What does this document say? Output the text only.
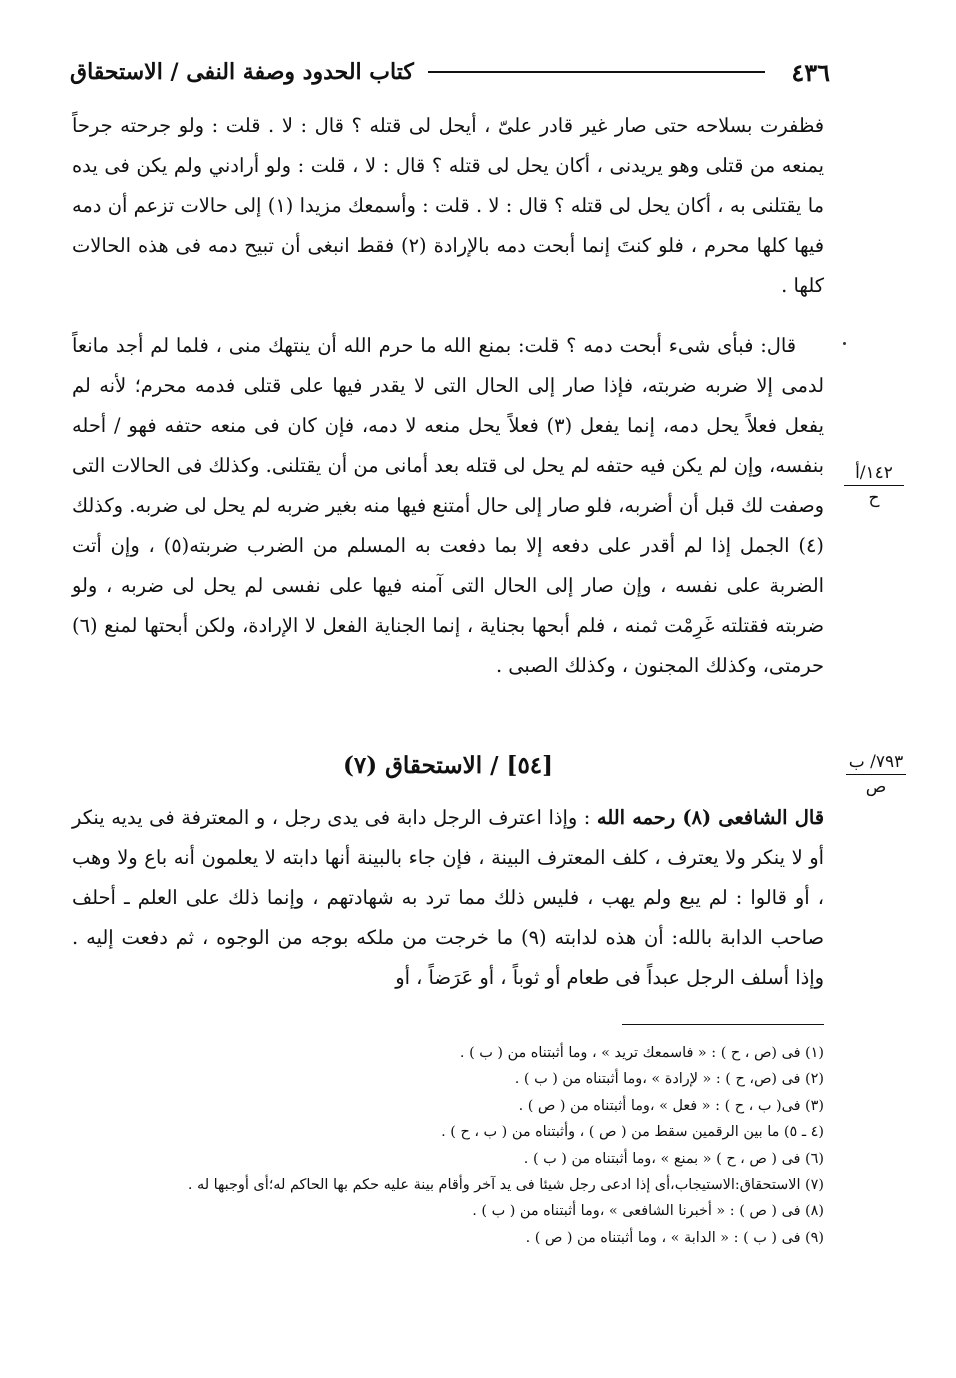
٤٣٦
كتاب الحدود وصفة النفى / الاستحقاق
فظفرت بسلاحه حتى صار غير قادر علىّ ، أيحل لى قتله ؟ قال : لا . قلت : ولو جرحته جرحاً يمنعه من قتلى وهو يريدنى ، أكان يحل لى قتله ؟ قال : لا ، قلت : ولو أرادني ولم يكن فى يده ما يقتلنى به ، أكان يحل لى قتله ؟ قال : لا . قلت : وأسمعك مزيدا (١) إلى حالات تزعم أن دمه فيها كلها محرم ، فلو كنتَ إنما أبحت دمه بالإرادة (٢) فقط انبغى أن تبيح دمه فى هذه الحالات كلها .
قال: فبأى شىء أبحت دمه ؟ قلت: بمنع الله ما حرم الله أن ينتهك منى ، فلما لم أجد مانعاً لدمى إلا ضربه ضربته، فإذا صار إلى الحال التى لا يقدر فيها على قتلى فدمه محرم؛ لأنه لم يفعل فعلاً يحل دمه، إنما يفعل (٣) فعلاً يحل منعه لا دمه، فإن كان فى منعه حتفه فهو / أحله بنفسه، وإن لم يكن فيه حتفه لم يحل لى قتله بعد أمانى من أن يقتلنى. وكذلك فى الحالات التى وصفت لك قبل أن أضربه، فلو صار إلى حال أمتنع فيها منه بغير ضربه لم يحل لى ضربه. وكذلك (٤) الجمل إذا لم أقدر على دفعه إلا بما دفعت به المسلم من الضرب ضربته(٥) ، وإن أتت الضربة على نفسه ، وإن صار إلى الحال التى آمنه فيها على نفسى لم يحل لى ضربه ، ولو ضربته فقتلته غَرِمْت ثمنه ، فلم أبحها بجناية ، إنما الجناية الفعل لا الإرادة، ولكن أبحتها لمنع (٦) حرمتى، وكذلك المجنون ، وكذلك الصبى .
١٤٢/أ
ح
[٥٤] / الاستحقاق (٧)	٧٩٣/ ب
ص
قال الشافعى (٨) رحمه الله : وإذا اعترف الرجل دابة فى يدى رجل ، و المعترفة فى يديه ينكر أو لا ينكر ولا يعترف ، كلف المعترف البينة ، فإن جاء بالبينة أنها دابته لا يعلمون أنه باع ولا وهب ، أو قالوا : لم يبع ولم يهب ، فليس ذلك مما ترد به شهادتهم ، وإنما ذلك على العلم ـ أحلف صاحب الدابة بالله: أن هذه لدابته (٩) ما خرجت من ملكه بوجه من الوجوه ، ثم دفعت إليه . وإذا أسلف الرجل عبداً فى طعام أو ثوباً ، أو عَرَضاً ، أو
(١) فى (ص ، ح ) : « فاسمعك تريد » ، وما أثبتناه من ( ب ) .
(٢) فى (ص، ح ) : « لإرادة » ،وما أثبتناه من ( ب ) .
(٣) فى( ب ، ح ) : « فعل » ،وما أثبتناه من ( ص ) .
(٤ ـ ٥) ما بين الرقمين سقط من ( ص ) ، وأثبتناه من ( ب ، ح ) .
(٦) فى ( ص ، ح ) « بمنع » ،وما أثبتناه من ( ب ) .
(٧) الاستحقاق:الاستيجاب،أى إذا ادعى رجل شيئا فى يد آخر وأقام بينة عليه حكم بها الحاكم له؛أى أوجبها له .
(٨) فى ( ص ) : « أخبرنا الشافعى » ،وما أثبتناه من ( ب ) .
(٩) فى ( ب ) : « الدابة » ، وما أثبتناه من ( ص ) .
